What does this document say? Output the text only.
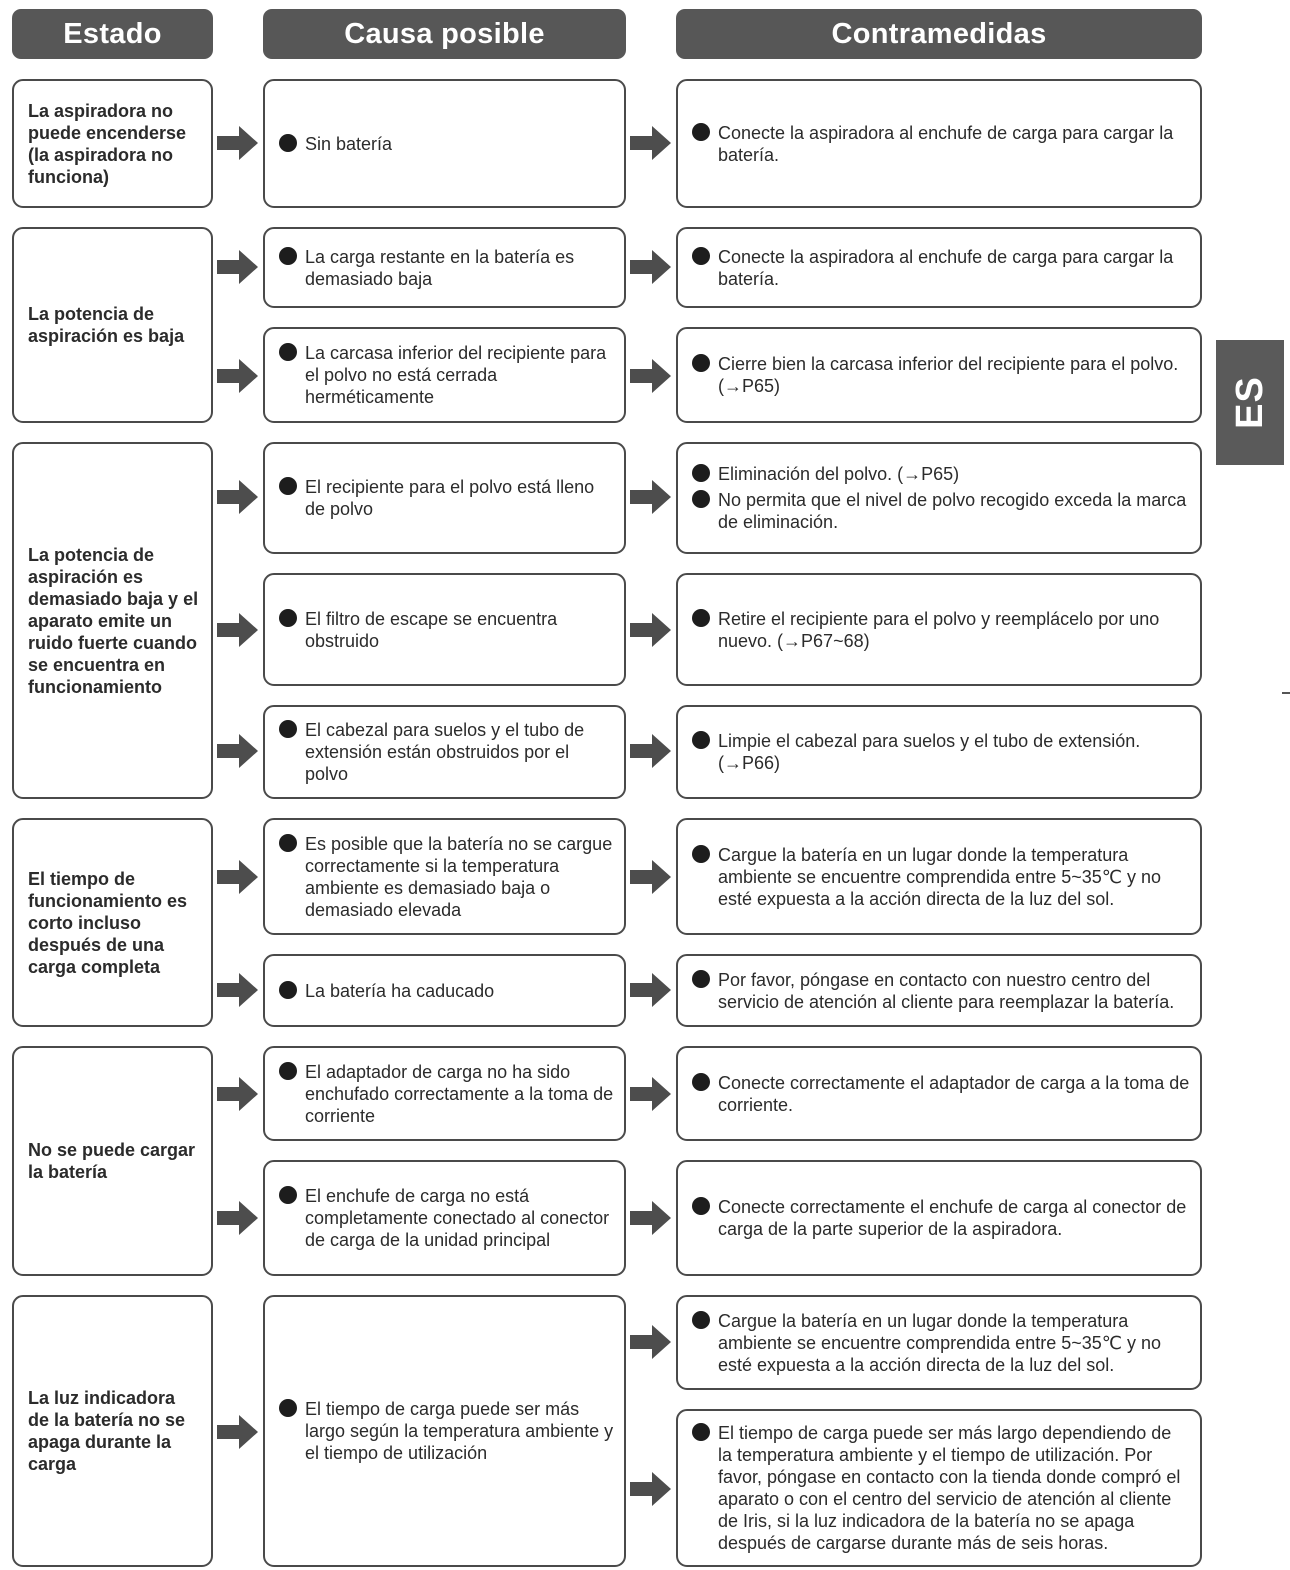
Estado	Causa posible	Contramedidas
La aspiradora no puede encenderse (la aspiradora no funciona)
Sin batería
Conecte la aspiradora al enchufe de carga para cargar la batería.
La potencia de aspiración es baja
La carga restante en la batería es demasiado baja
Conecte la aspiradora al enchufe de carga para cargar la batería.
La carcasa inferior del recipiente para el polvo no está cerrada herméticamente
Cierre bien la carcasa inferior del recipiente para el polvo. (→P65)
La potencia de aspiración es demasiado baja y el aparato emite un ruido fuerte cuando se encuentra en funcionamiento
El recipiente para el polvo está lleno de polvo
Eliminación del polvo. (→P65)
No permita que el nivel de polvo recogido exceda la marca de eliminación.
El filtro de escape se encuentra obstruido
Retire el recipiente para el polvo y reemplácelo por uno nuevo. (→P67~68)
El cabezal para suelos y el tubo de extensión están obstruidos por el polvo
Limpie el cabezal para suelos y el tubo de extensión. (→P66)
El tiempo de funcionamiento es corto incluso después de una carga completa
Es posible que la batería no se cargue correctamente si la temperatura ambiente es demasiado baja o demasiado elevada
Cargue la batería en un lugar donde la temperatura ambiente se encuentre comprendida entre 5~35℃ y no esté expuesta a la acción directa de la luz del sol.
La batería ha caducado
Por favor, póngase en contacto con nuestro centro del servicio de atención al cliente para reemplazar la batería.
No se puede cargar la batería
El adaptador de carga no ha sido enchufado correctamente a la toma de corriente
Conecte correctamente el adaptador de carga a la toma de corriente.
El enchufe de carga no está completamente conectado al conector de carga de la unidad principal
Conecte correctamente el enchufe de carga al conector de carga de la parte superior de la aspiradora.
La luz indicadora de la batería no se apaga durante la carga
El tiempo de carga puede ser más largo según la temperatura ambiente y el tiempo de utilización
Cargue la batería en un lugar donde la temperatura ambiente se encuentre comprendida entre 5~35℃ y no esté expuesta a la acción directa de la luz del sol.
El tiempo de carga puede ser más largo dependiendo de la temperatura ambiente y el tiempo de utilización. Por favor, póngase en contacto con la tienda donde compró el aparato o con el centro del servicio de atención al cliente de Iris, si la luz indicadora de la batería no se apaga después de cargarse durante más de seis horas.
ES
